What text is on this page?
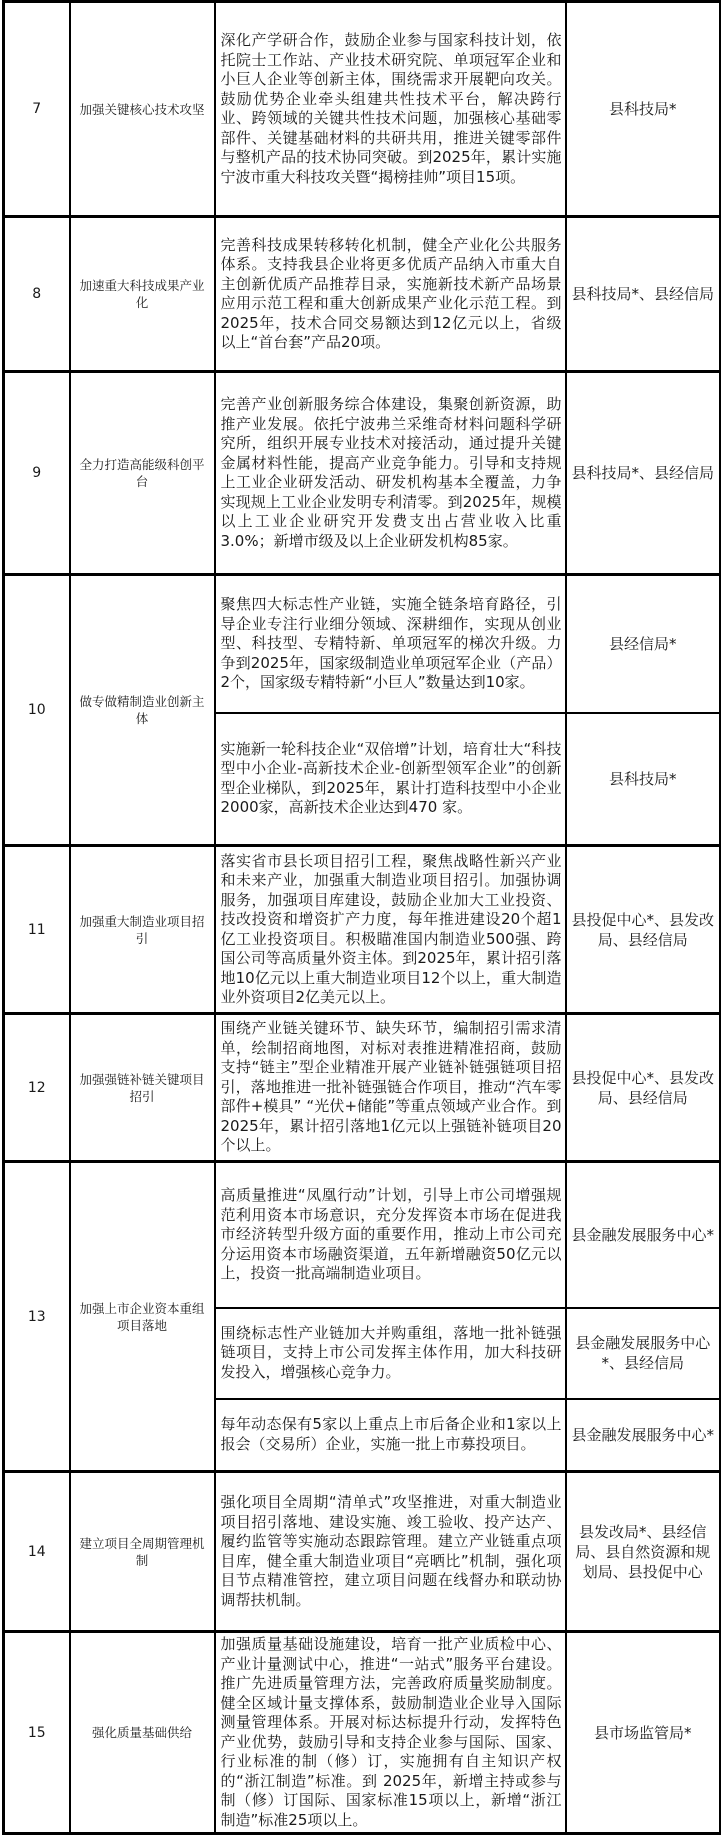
7	加强关键核心技术攻坚	深化产学研合作，鼓励企业参与国家科技计划，依托院士工作站、产业技术研究院、单项冠军企业和小巨人企业等创新主体，围绕需求开展靶向攻关。鼓励优势企业牵头组建共性技术平台，解决跨行业、跨领域的关键共性技术问题，加强核心基础零部件、关键基础材料的共研共用，推进关键零部件与整机产品的技术协同突破。到2025年，累计实施宁波市重大科技攻关暨“揭榜挂帅”项目15项。	县科技局*
8	加速重大科技成果产业化	完善科技成果转移转化机制，健全产业化公共服务体系。支持我县企业将更多优质产品纳入市重大自主创新优质产品推荐目录，实施新技术新产品场景应用示范工程和重大创新成果产业化示范工程。到2025年，技术合同交易额达到12亿元以上，省级以上“首台套”产品20项。	县科技局*、县经信局
9	全力打造高能级科创平台	完善产业创新服务综合体建设，集聚创新资源，助推产业发展。依托宁波弗兰采维奇材料问题科学研究所，组织开展专业技术对接活动，通过提升关键金属材料性能，提高产业竞争能力。引导和支持规上工业企业研发活动、研发机构基本全覆盖，力争实现规上工业企业发明专利清零。到2025年，规模以上工业企业研究开发费支出占营业收入比重3.0%；新增市级及以上企业研发机构85家。	县科技局*、县经信局
10	做专做精制造业创新主体	聚焦四大标志性产业链，实施全链条培育路径，引导企业专注行业细分领域、深耕细作，实现从创业型、科技型、专精特新、单项冠军的梯次升级。力争到2025年，国家级制造业单项冠军企业（产品）2个，国家级专精特新“小巨人”数量达到10家。	县经信局*
		实施新一轮科技企业“双倍增”计划，培育壮大“科技型中小企业-高新技术企业-创新型领军企业”的创新型企业梯队，到2025年，累计打造科技型中小企业2000家，高新技术企业达到470 家。	县科技局*
11	加强重大制造业项目招引	落实省市县长项目招引工程，聚焦战略性新兴产业和未来产业，加强重大制造业项目招引。加强协调服务，加强项目库建设，鼓励企业加大工业投资、技改投资和增资扩产力度，每年推进建设20个超1亿工业投资项目。积极瞄准国内制造业500强、跨国公司等高质量外资主体。到2025年，累计招引落地10亿元以上重大制造业项目12个以上，重大制造业外资项目2亿美元以上。	县投促中心*、县发改局、县经信局
12	加强强链补链关键项目招引	围绕产业链关键环节、缺失环节，编制招引需求清单，绘制招商地图，对标对表推进精准招商，鼓励支持“链主”型企业精准开展产业链补链强链项目招引，落地推进一批补链强链合作项目，推动“汽车零部件+模具” “光伏+储能”等重点领域产业合作。到2025年，累计招引落地1亿元以上强链补链项目20个以上。	县投促中心*、县发改局、县经信局
13	加强上市企业资本重组项目落地	高质量推进“凤凰行动”计划，引导上市公司增强规范利用资本市场意识，充分发挥资本市场在促进我市经济转型升级方面的重要作用，推动上市公司充分运用资本市场融资渠道，五年新增融资50亿元以上，投资一批高端制造业项目。	县金融发展服务中心*
		围绕标志性产业链加大并购重组，落地一批补链强链项目，支持上市公司发挥主体作用，加大科技研发投入，增强核心竞争力。	县金融发展服务中心*、县经信局
		每年动态保有5家以上重点上市后备企业和1家以上报会（交易所）企业，实施一批上市募投项目。	县金融发展服务中心*
14	建立项目全周期管理机制	强化项目全周期“清单式”攻坚推进，对重大制造业项目招引落地、建设实施、竣工验收、投产达产、履约监管等实施动态跟踪管理。建立产业链重点项目库，健全重大制造业项目“亮晒比”机制，强化项目节点精准管控，建立项目问题在线督办和联动协调帮扶机制。	县发改局*、县经信局、县自然资源和规划局、县投促中心
15	强化质量基础供给	加强质量基础设施建设，培育一批产业质检中心、产业计量测试中心，推进“一站式”服务平台建设。推广先进质量管理方法，完善政府质量奖励制度。健全区域计量支撑体系，鼓励制造业企业导入国际测量管理体系。开展对标达标提升行动，发挥特色产业优势，鼓励引导和支持企业参与国际、国家、行业标准的制（修）订，实施拥有自主知识产权的“浙江制造”标准。到 2025年，新增主持或参与制（修）订国际、国家标准15项以上，新增“浙江制造”标准25项以上。	县市场监管局*
